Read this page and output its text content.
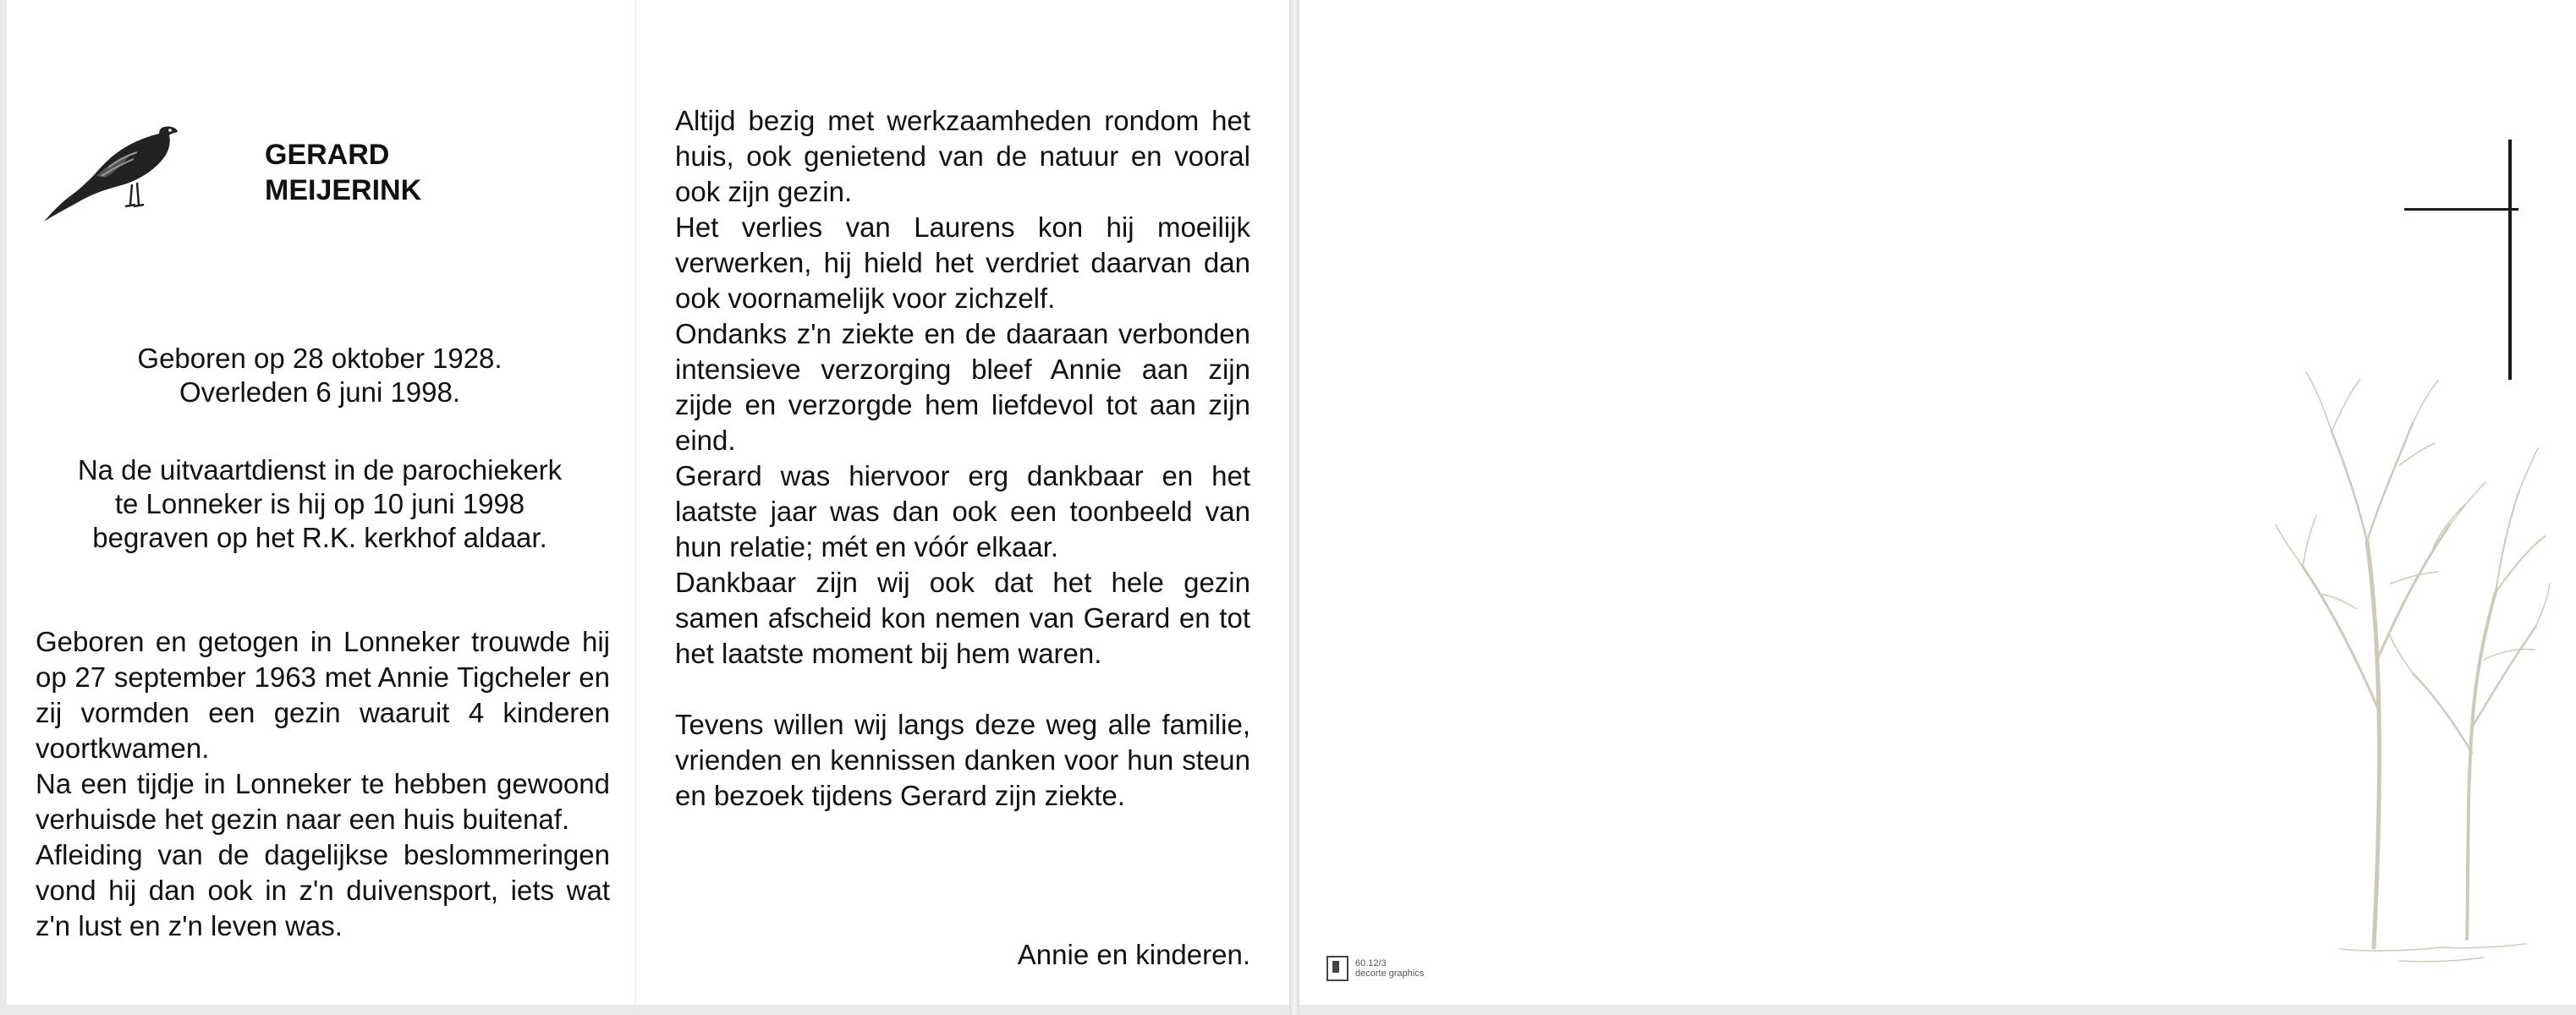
GERARD
MEIJERINK
Geboren op 28 oktober 1928.
Overleden 6 juni 1998.
Na de uitvaartdienst in de parochiekerk
te Lonneker is hij op 10 juni 1998
begraven op het R.K. kerkhof aldaar.

Geboren en getogen in Lonneker trouwde hij op 27 september 1963 met Annie Tigcheler en zij vormden een gezin waaruit 4 kinderen voortkwamen.

Na een tijdje in Lonneker te hebben gewoond verhuisde het gezin naar een huis buitenaf.

Afleiding van de dagelijkse beslommeringen vond hij dan ook in z'n duivensport, iets wat z'n lust en z'n leven was.

Altijd bezig met werkzaamheden rondom het huis, ook genietend van de natuur en vooral ook zijn gezin.

Het verlies van Laurens kon hij moeilijk verwerken, hij hield het verdriet daarvan dan ook voornamelijk voor zichzelf.

Ondanks z'n ziekte en de daaraan verbonden intensieve verzorging bleef Annie aan zijn zijde en verzorgde hem liefdevol tot aan zijn eind.

Gerard was hiervoor erg dankbaar en het laatste jaar was dan ook een toonbeeld van hun relatie; mét en vóór elkaar.

Dankbaar zijn wij ook dat het hele gezin samen afscheid kon nemen van Gerard en tot het laatste moment bij hem waren.

Tevens willen wij langs deze weg alle familie, vrienden en kennissen danken voor hun steun en bezoek tijdens Gerard zijn ziekte.

Annie en kinderen.	60.12/3
decorte graphics
